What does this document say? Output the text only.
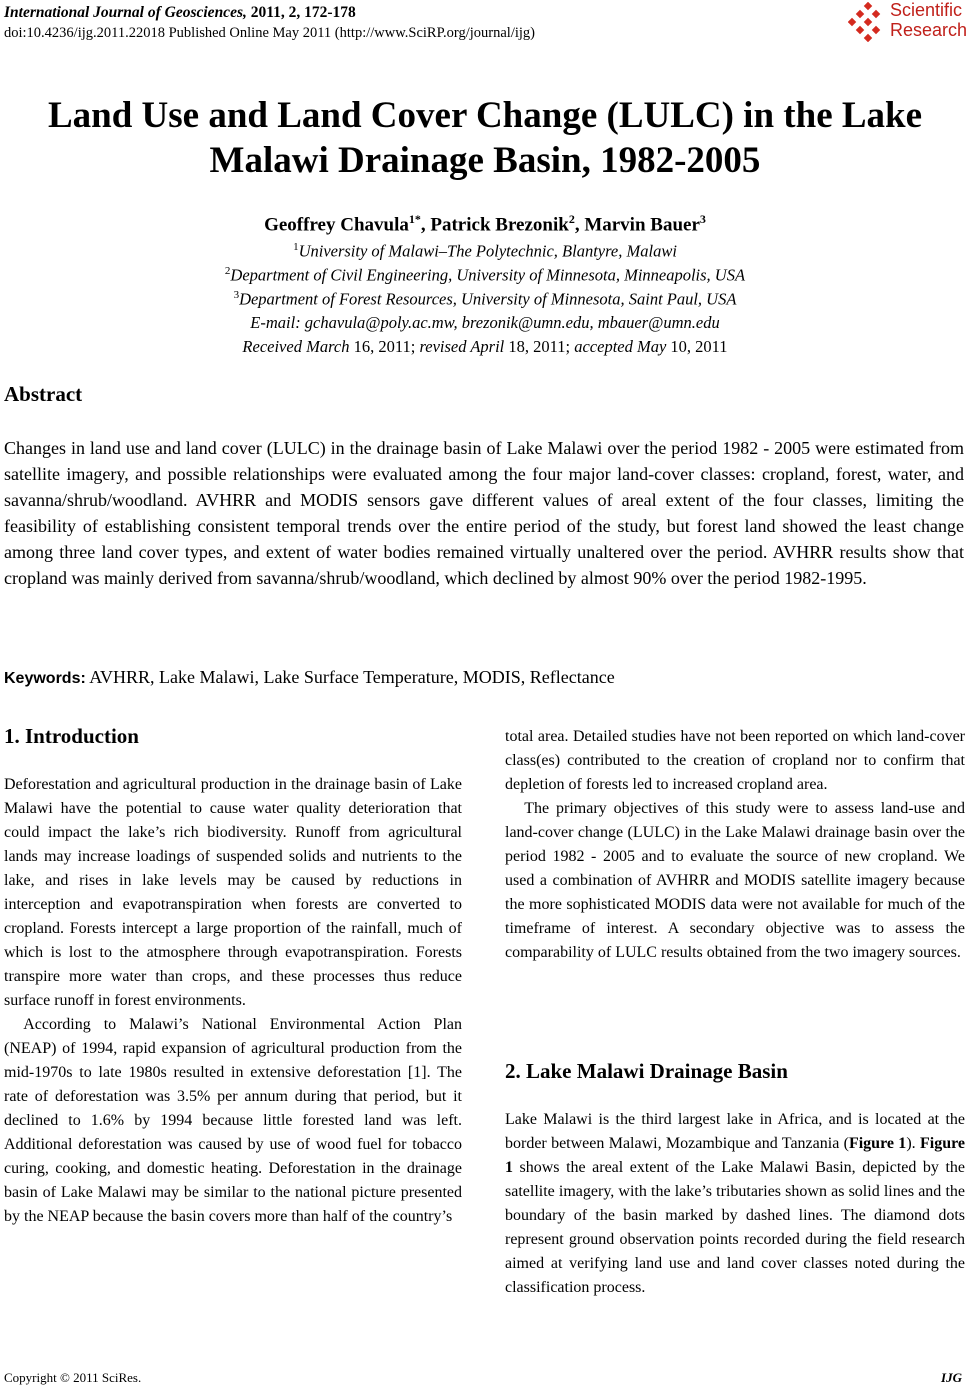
International Journal of Geosciences, 2011, 2, 172-178
doi:10.4236/ijg.2011.22018 Published Online May 2011 (http://www.SciRP.org/journal/ijg)
Scientific
Research
Land Use and Land Cover Change (LULC) in the Lake
Malawi Drainage Basin, 1982-2005
Geoffrey Chavula$^{1*}$, Patrick Brezonik$^2$, Marvin Bauer$^3$
$^1$University of Malawi–The Polytechnic, Blantyre, Malawi
$^2$Department of Civil Engineering, University of Minnesota, Minneapolis, USA
$^3$Department of Forest Resources, University of Minnesota, Saint Paul, USA
E-mail: gchavula@poly.ac.mw, brezonik@umn.edu, mbauer@umn.edu
Received March 16, 2011; revised April 18, 2011; accepted May 10, 2011
Abstract
Changes in land use and land cover (LULC) in the drainage basin of Lake Malawi over the period 1982 - 2005 were estimated from satellite imagery, and possible relationships were evaluated among the four major land-cover classes: cropland, forest, water, and savanna/shrub/woodland. AVHRR and MODIS sensors gave different values of areal extent of the four classes, limiting the feasibility of establishing consistent temporal trends over the entire period of the study, but forest land showed the least change among three land cover types, and extent of water bodies remained virtually unaltered over the period. AVHRR results show that cropland was mainly derived from savanna/shrub/woodland, which declined by almost 90% over the period 1982-1995.
Keywords: AVHRR, Lake Malawi, Lake Surface Temperature, MODIS, Reflectance
1. Introduction

Deforestation and agricultural production in the drainage basin of Lake Malawi have the potential to cause water quality deterioration that could impact the lake’s rich biodiversity. Runoff from agricultural lands may increase loadings of suspended solids and nutrients to the lake, and rises in lake levels may be caused by reductions in interception and evapotranspiration when forests are converted to cropland. Forests intercept a large proportion of the rainfall, much of which is lost to the atmosphere through evapotranspiration. Forests transpire more water than crops, and these processes thus reduce surface runoff in forest environments.

According to Malawi’s National Environmental Action Plan (NEAP) of 1994, rapid expansion of agricultural production from the mid-1970s to late 1980s resulted in extensive deforestation [1]. The rate of deforestation was 3.5% per annum during that period, but it declined to 1.6% by 1994 because little forested land was left. Additional deforestation was caused by use of wood fuel for tobacco curing, cooking, and domestic heating. Deforestation in the drainage basin of Lake Malawi may be similar to the national picture presented by the NEAP because the basin covers more than half of the country’s

total area. Detailed studies have not been reported on which land-cover class(es) contributed to the creation of cropland nor to confirm that depletion of forests led to increased cropland area.

The primary objectives of this study were to assess land-use and land-cover change (LULC) in the Lake Malawi drainage basin over the period 1982 - 2005 and to evaluate the source of new cropland. We used a combination of AVHRR and MODIS satellite imagery because the more sophisticated MODIS data were not available for much of the timeframe of interest. A secondary objective was to assess the comparability of LULC results obtained from the two imagery sources.

2. Lake Malawi Drainage Basin

Lake Malawi is the third largest lake in Africa, and is located at the border between Malawi, Mozambique and Tanzania (Figure 1). Figure 1 shows the areal extent of the Lake Malawi Basin, depicted by the satellite imagery, with the lake’s tributaries shown as solid lines and the boundary of the basin marked by dashed lines. The diamond dots represent ground observation points recorded during the field research aimed at verifying land use and land cover classes noted during the classification process.

Copyright © 2011 SciRes.	IJG
